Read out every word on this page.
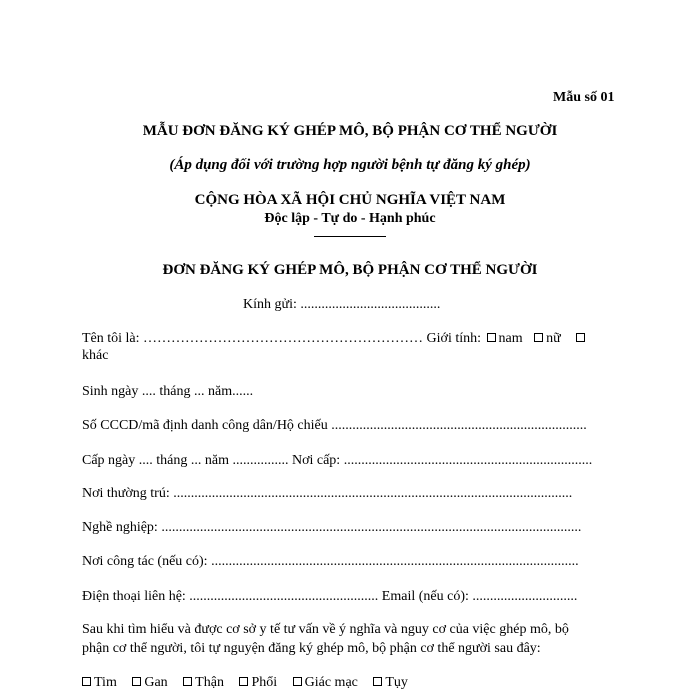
Mẫu số 01
MẪU ĐƠN ĐĂNG KÝ GHÉP MÔ, BỘ PHẬN CƠ THỂ NGƯỜI
(Áp dụng đối với trường hợp người bệnh tự đăng ký ghép)
CỘNG HÒA XÃ HỘI CHỦ NGHĨA VIỆT NAM
Độc lập - Tự do - Hạnh phúc
ĐƠN ĐĂNG KÝ GHÉP MÔ, BỘ PHẬN CƠ THỂ NGƯỜI
Kính gửi: ........................................
Tên tôi là: …………………………………………………… Giới tính: nam nữ
khác
Sinh ngày .... tháng ... năm......
Số CCCD/mã định danh công dân/Hộ chiếu .........................................................................
Cấp ngày .... tháng ... năm ................ Nơi cấp: .......................................................................
Nơi thường trú: ..................................................................................................................
Nghề nghiệp: ........................................................................................................................
Nơi công tác (nếu có): .........................................................................................................
Điện thoại liên hệ: ...................................................... Email (nếu có): ..............................
Sau khi tìm hiểu và được cơ sở y tế tư vấn về ý nghĩa và nguy cơ của việc ghép mô, bộ
phận cơ thể người, tôi tự nguyện đăng ký ghép mô, bộ phận cơ thể người sau đây:
Tim Gan Thận Phổi Giác mạc Tụy
